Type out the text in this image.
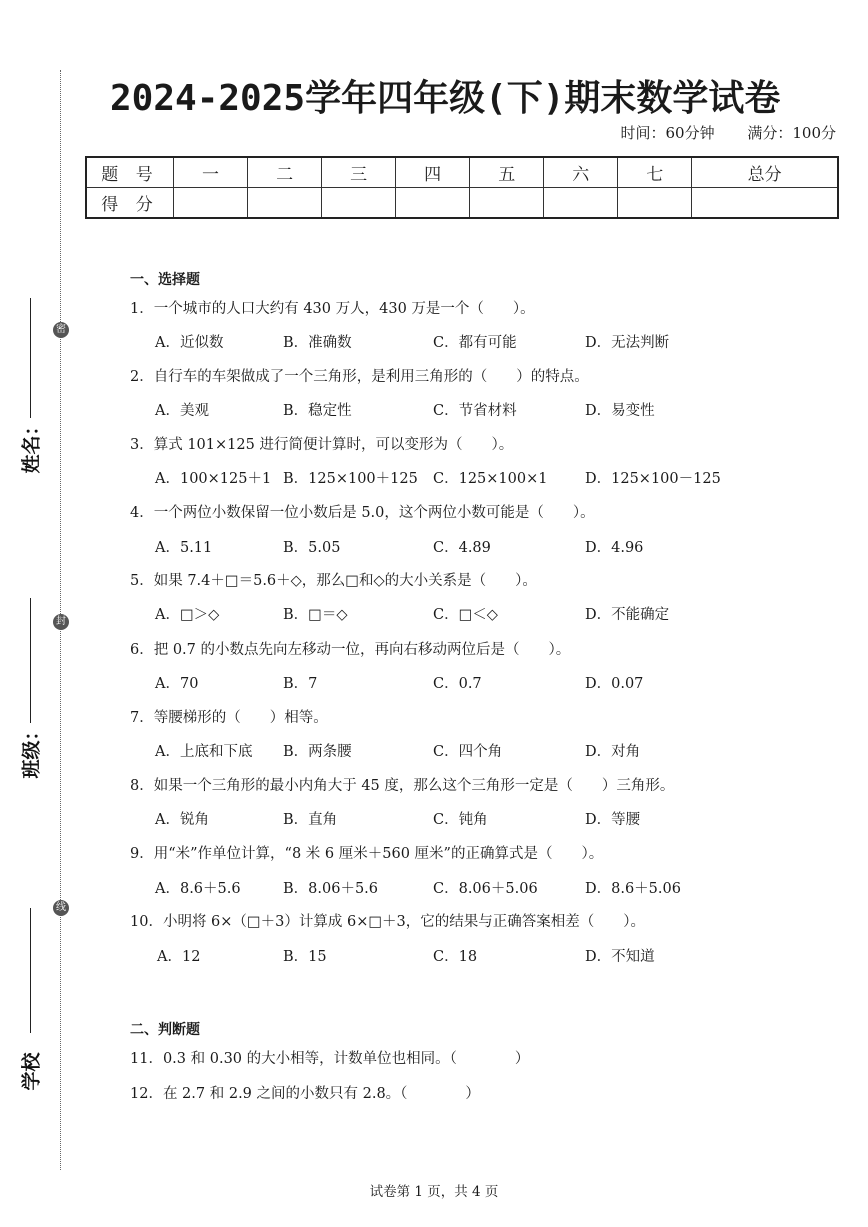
密
封
线
姓名：
班级：
学校
2024-2025学年四年级(下)期末数学试卷
时间：60分钟 满分：100分
题 号	一	二	三	四	五	六	七	总分
得 分								
一、选择题
1．一个城市的人口大约有 430 万人，430 万是一个（　　）。
A．近似数	B．准确数	C．都有可能	D．无法判断
2．自行车的车架做成了一个三角形，是利用三角形的（　　）的特点。
A．美观	B．稳定性	C．节省材料	D．易变性
3．算式 101×125 进行简便计算时，可以变形为（　　）。
A．100×125＋1 B．125×100＋125 C．125×100×1	D．125×100－125
4．一个两位小数保留一位小数后是 5.0，这个两位小数可能是（　　）。
A．5.11	B．5.05	C．4.89	D．4.96
5．如果 7.4＋□＝5.6＋◇，那么□和◇的大小关系是（　　）。
A．□＞◇	B．□＝◇	C．□＜◇	D．不能确定
6．把 0.7 的小数点先向左移动一位，再向右移动两位后是（　　）。
A．70	B．7	C．0.7	D．0.07
7．等腰梯形的（　　）相等。
A．上底和下底 B．两条腰	C．四个角	D．对角
8．如果一个三角形的最小内角大于 45 度，那么这个三角形一定是（　　）三角形。
A．锐角	B．直角	C．钝角	D．等腰
9．用“米”作单位计算，“8 米 6 厘米＋560 厘米”的正确算式是（　　）。
A．8.6＋5.6	B．8.06＋5.6	C．8.06＋5.06	D．8.6＋5.06
10．小明将 6×（□＋3）计算成 6×□＋3，它的结果与正确答案相差（　　）。
A．12	B．15	C．18	D．不知道
二、判断题
11．0.3 和 0.30 的大小相等，计数单位也相同。（　　　　）
12．在 2.7 和 2.9 之间的小数只有 2.8。（　　　　）
试卷第 1 页，共 4 页
